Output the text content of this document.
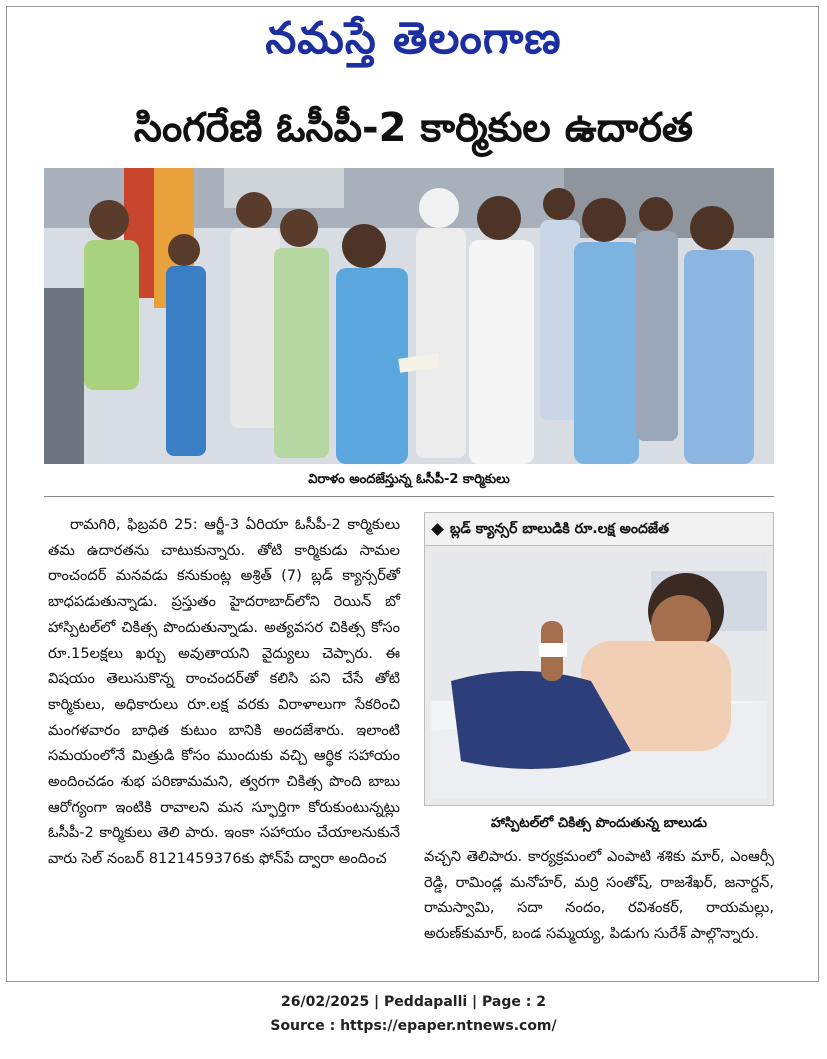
నమస్తే తెలంగాణ
సింగరేణి ఓసీపీ-2 కార్మికుల ఉదారత
విరాళం అందజేస్తున్న ఓసీపీ-2 కార్మికులు

రామగిరి, ఫిబ్రవరి 25: ఆర్జీ-3 ఏరియా ఓసీపీ-2 కార్మికులు తమ ఉదారతను చాటుకున్నారు. తోటి కార్మికుడు సామల రాంచందర్ మనవడు కనుకుంట్ల అశ్రిత్ (7) బ్లడ్ క్యాన్సర్‌తో బాధపడుతున్నాడు. ప్రస్తుతం హైదరాబాద్‌లోని రెయిన్ బో హాస్పిటల్‌లో చికిత్స పొందుతున్నాడు. అత్యవసర చికిత్స కోసం రూ.15లక్షలు ఖర్చు అవుతాయని వైద్యులు చెప్పారు. ఈ విషయం తెలుసుకొన్న రాంచందర్‌తో కలిసి పని చేసే తోటి కార్మికులు, అధికారులు రూ.లక్ష వరకు విరాళాలుగా సేకరించి మంగళవారం బాధిత కుటుం బానికి అందజేశారు. ఇలాంటి సమయంలోనే మిత్రుడి కోసం ముందుకు వచ్చి ఆర్థిక సహాయం అందించడం శుభ పరిణామమని, త్వరగా చికిత్స పొంది బాబు ఆరోగ్యంగా ఇంటికి రావాలని మన స్ఫూర్తిగా కోరుకుంటున్నట్లు ఓసీపీ-2 కార్మికులు తెలి పారు. ఇంకా సహాయం చేయాలనుకునే వారు సెల్ నంబర్ 8121459376కు ఫోన్‌పే ద్వారా అందించ

బ్లడ్ క్యాన్సర్ బాలుడికి రూ.లక్ష అందజేత
హాస్పిటల్‌లో చికిత్స పొందుతున్న బాలుడు

వచ్చని తెలిపారు. కార్యక్రమంలో ఎంపాటి శశికు మార్, ఎంఆర్సీ రెడ్డి, రామిండ్ల మనోహర్, మర్రి సంతోష్, రాజశేఖర్, జనార్దన్, రామస్వామి, సదా నందం, రవిశంకర్, రాయమల్లు, అరుణ్‌కుమార్, బండ సమ్మయ్య, పిడుగు సురేశ్ పాల్గొన్నారు.

26/02/2025 | Peddapalli | Page : 2
Source : https://epaper.ntnews.com/
